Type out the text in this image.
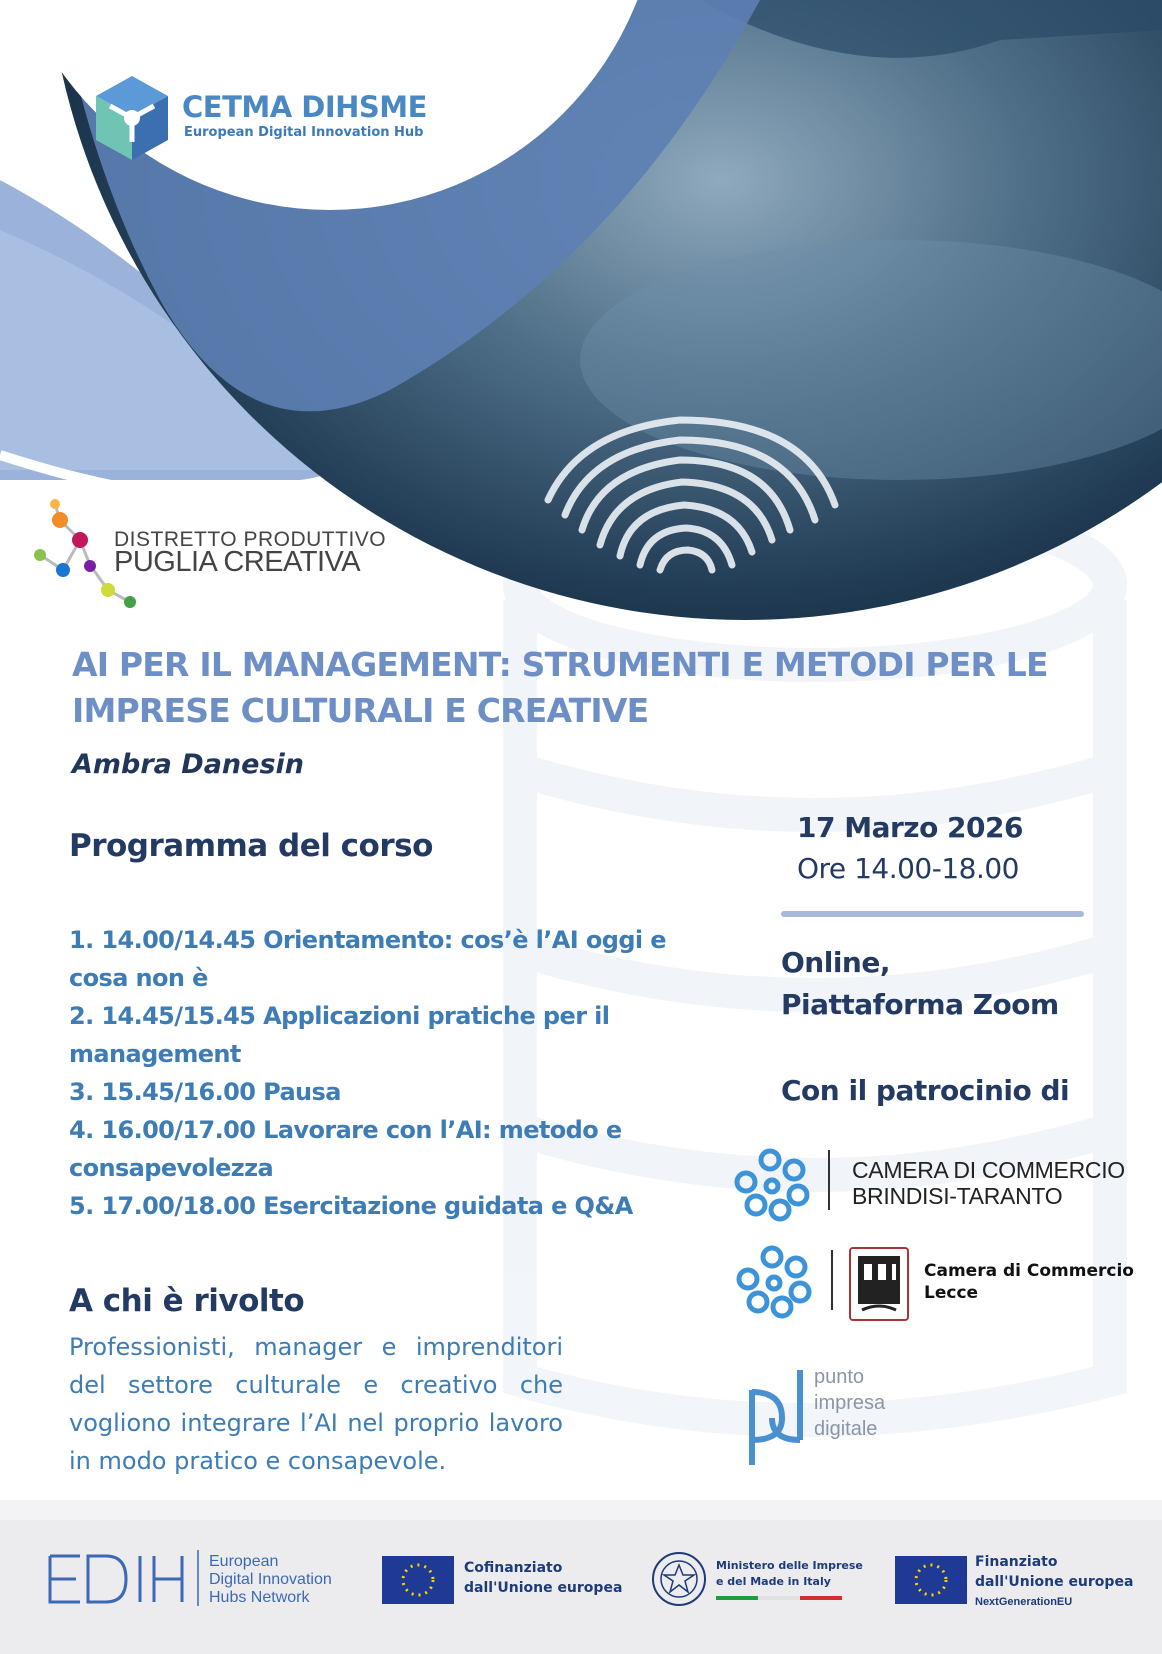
CETMA DIHSME
European Digital Innovation Hub
DISTRETTO PRODUTTIVO
PUGLIA CREATIVA
AI PER IL MANAGEMENT: STRUMENTI E METODI PER LE IMPRESE CULTURALI E CREATIVE
Ambra Danesin
Programma del corso
1. 14.00/14.45 Orientamento: cos’è l’AI oggi e cosa non è
2. 14.45/15.45 Applicazioni pratiche per il management
3. 15.45/16.00 Pausa
4. 16.00/17.00 Lavorare con l’AI: metodo e consapevolezza
5. 17.00/18.00 Esercitazione guidata e Q&A
A chi è rivolto
Professionisti, manager e imprenditori del settore culturale e creativo che vogliono integrare l’AI nel proprio lavoro in modo pratico e consapevole.
17 Marzo 2026
Ore 14.00-18.00
Online,
Piattaforma Zoom
Con il patrocinio di
CAMERA DI COMMERCIO
BRINDISI-TARANTO
Camera di Commercio
Lecce
punto
impresa
digitale
European
Digital Innovation
Hubs Network
Cofinanziato
dall'Unione europea
Ministero delle Imprese
e del Made in Italy
Finanziato
dall'Unione europea
NextGenerationEU
